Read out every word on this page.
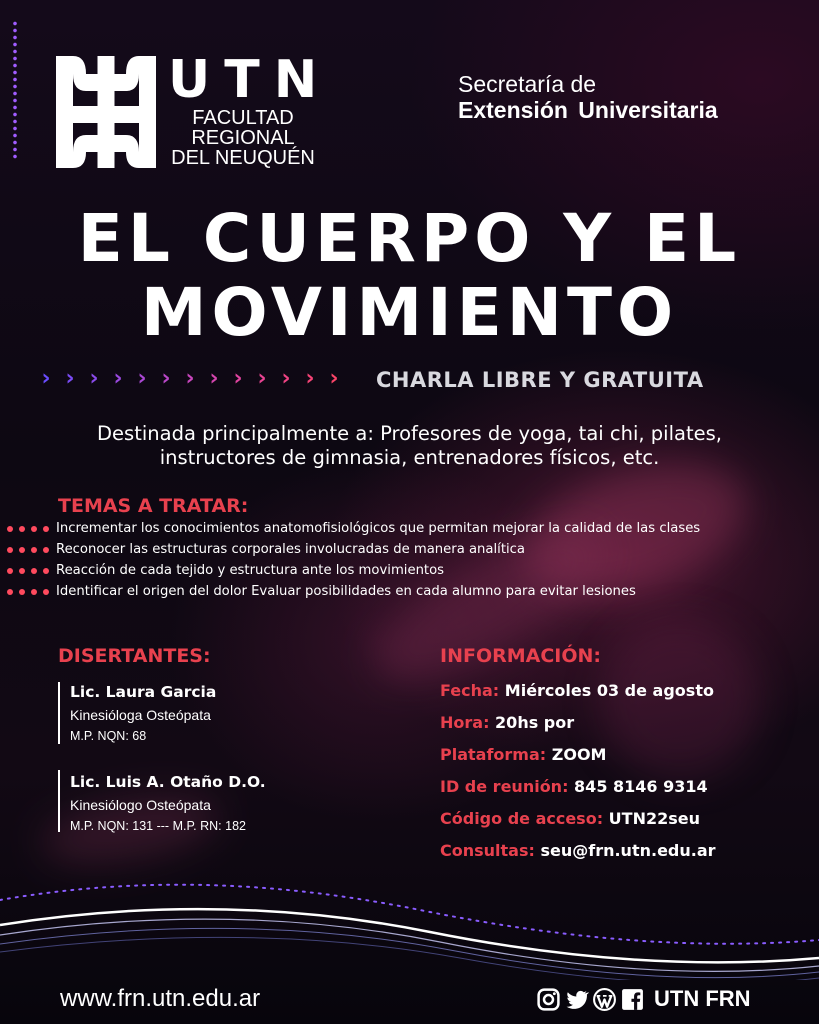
UTN
FACULTAD
REGIONAL
DEL NEUQUÉN
Secretaría de
Extensión Universitaria
EL CUERPO Y EL
MOVIMIENTO
› › › › › › › › › › › › ›	CHARLA LIBRE Y GRATUITA
Destinada principalmente a: Profesores de yoga, tai chi, pilates,
instructores de gimnasia, entrenadores físicos, etc.
TEMAS A TRATAR:
Incrementar los conocimientos anatomofisiológicos que permitan mejorar la calidad de las clases
Reconocer las estructuras corporales involucradas de manera analítica
Reacción de cada tejido y estructura ante los movimientos
Identificar el origen del dolor Evaluar posibilidades en cada alumno para evitar lesiones
DISERTANTES:
Lic. Laura Garcia
Kinesióloga Osteópata
M.P. NQN: 68
Lic. Luis A. Otaño D.O.
Kinesiólogo Osteópata
M.P. NQN: 131 --- M.P. RN: 182
INFORMACIÓN:
Fecha: Miércoles 03 de agosto
Hora: 20hs por
Plataforma: ZOOM
ID de reunión: 845 8146 9314
Código de acceso: UTN22seu
Consultas: seu@frn.utn.edu.ar
www.frn.utn.edu.ar	UTN FRN
